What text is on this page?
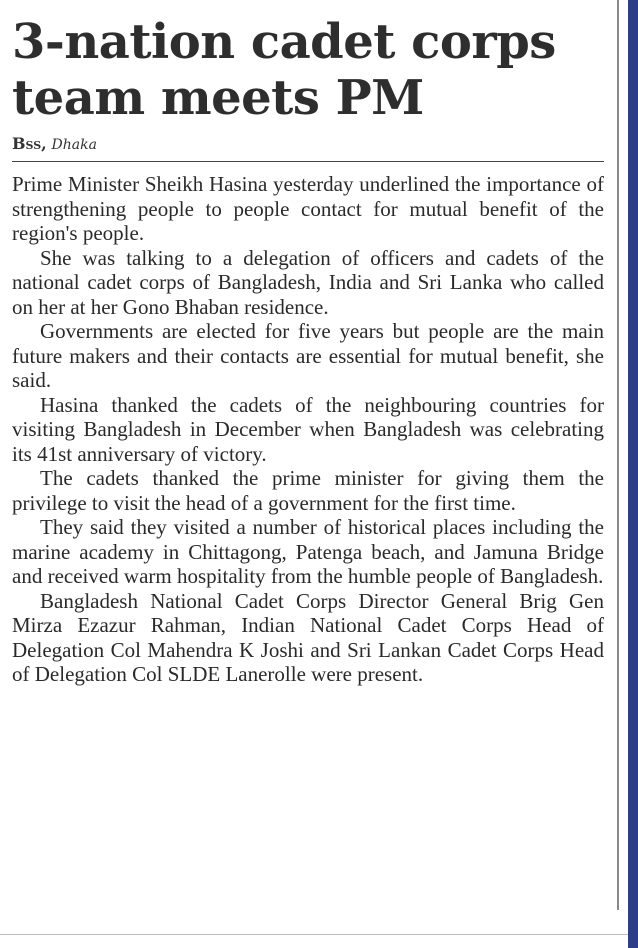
3-nation cadet corps
team meets PM
Bss, Dhaka

Prime Minister Sheikh Hasina yesterday underlined the importance of strengthening people to people contact for mutual benefit of the region's people.

She was talking to a delegation of officers and cadets of the national cadet corps of Bangladesh, India and Sri Lanka who called on her at her Gono Bhaban residence.

Governments are elected for five years but people are the main future makers and their contacts are essential for mutual benefit, she said.

Hasina thanked the cadets of the neighbouring countries for visiting Bangladesh in December when Bangladesh was celebrating its 41st anniversary of victory.

The cadets thanked the prime minister for giving them the privilege to visit the head of a government for the first time.

They said they visited a number of historical places including the marine academy in Chittagong, Patenga beach, and Jamuna Bridge and received warm hospitality from the humble people of Bangladesh.

Bangladesh National Cadet Corps Director General Brig Gen Mirza Ezazur Rahman, Indian National Cadet Corps Head of Delegation Col Mahendra K Joshi and Sri Lankan Cadet Corps Head of Delegation Col SLDE Lanerolle were present.
